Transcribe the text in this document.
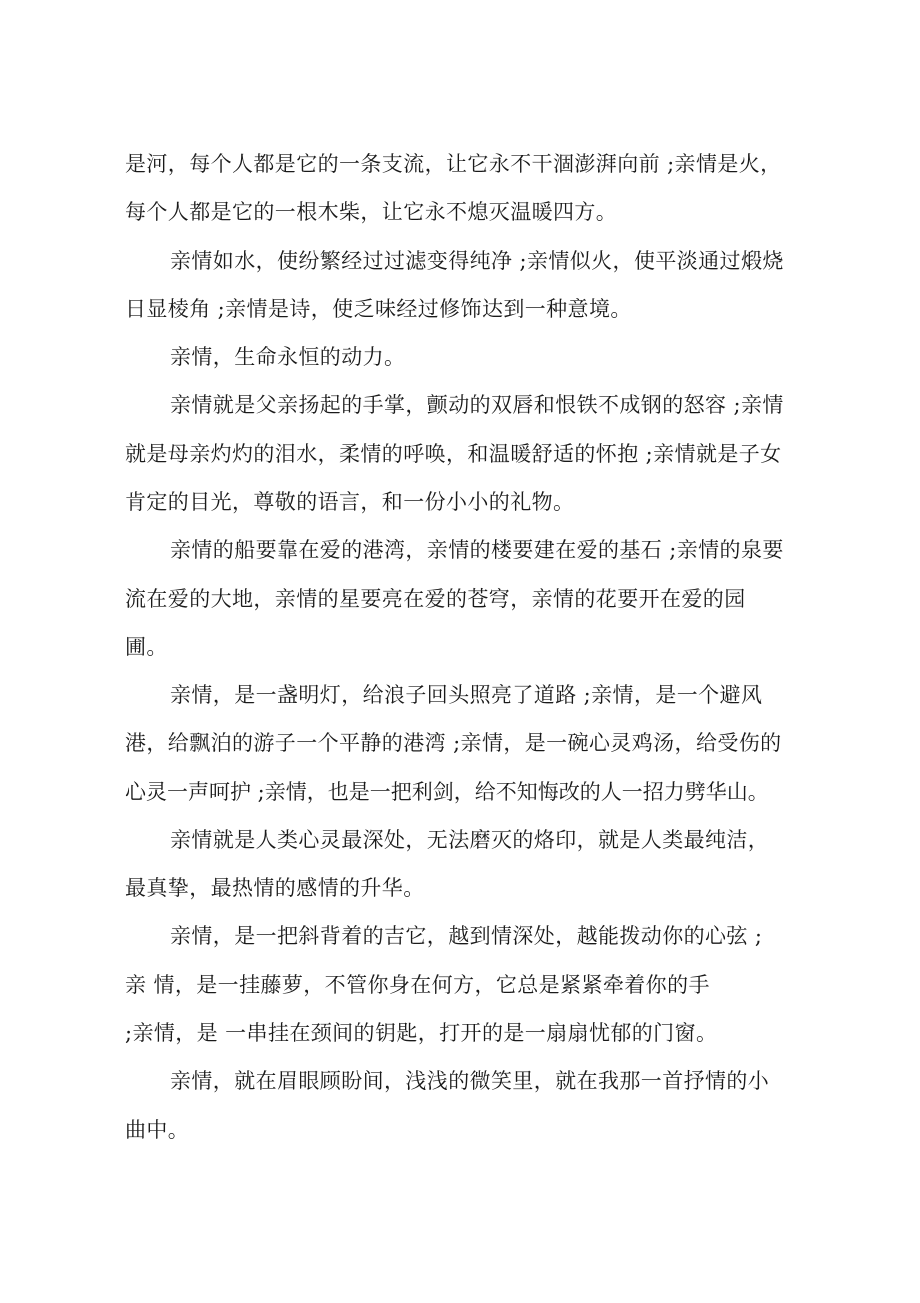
是河，每个人都是它的一条支流，让它永不干涸澎湃向前 ;亲情是火，
每个人都是它的一根木柴，让它永不熄灭温暖四方。
亲情如水，使纷繁经过过滤变得纯净 ;亲情似火，使平淡通过煅烧
日显棱角 ;亲情是诗，使乏味经过修饰达到一种意境。
亲情，生命永恒的动力。
亲情就是父亲扬起的手掌，颤动的双唇和恨铁不成钢的怒容 ;亲情
就是母亲灼灼的泪水，柔情的呼唤，和温暖舒适的怀抱 ;亲情就是子女
肯定的目光，尊敬的语言，和一份小小的礼物。
亲情的船要靠在爱的港湾，亲情的楼要建在爱的基石 ;亲情的泉要
流在爱的大地，亲情的星要亮在爱的苍穹，亲情的花要开在爱的园
圃。
亲情，是一盏明灯，给浪子回头照亮了道路 ;亲情，是一个避风
港，给飘泊的游子一个平静的港湾 ;亲情，是一碗心灵鸡汤，给受伤的
心灵一声呵护 ;亲情，也是一把利剑，给不知悔改的人一招力劈华山。
亲情就是人类心灵最深处，无法磨灭的烙印，就是人类最纯洁，
最真挚，最热情的感情的升华。
亲情，是一把斜背着的吉它，越到情深处，越能拨动你的心弦 ;
亲 情，是一挂藤萝，不管你身在何方，它总是紧紧牵着你的手
;亲情，是 一串挂在颈间的钥匙，打开的是一扇扇忧郁的门窗。
亲情，就在眉眼顾盼间，浅浅的微笑里，就在我那一首抒情的小
曲中。
